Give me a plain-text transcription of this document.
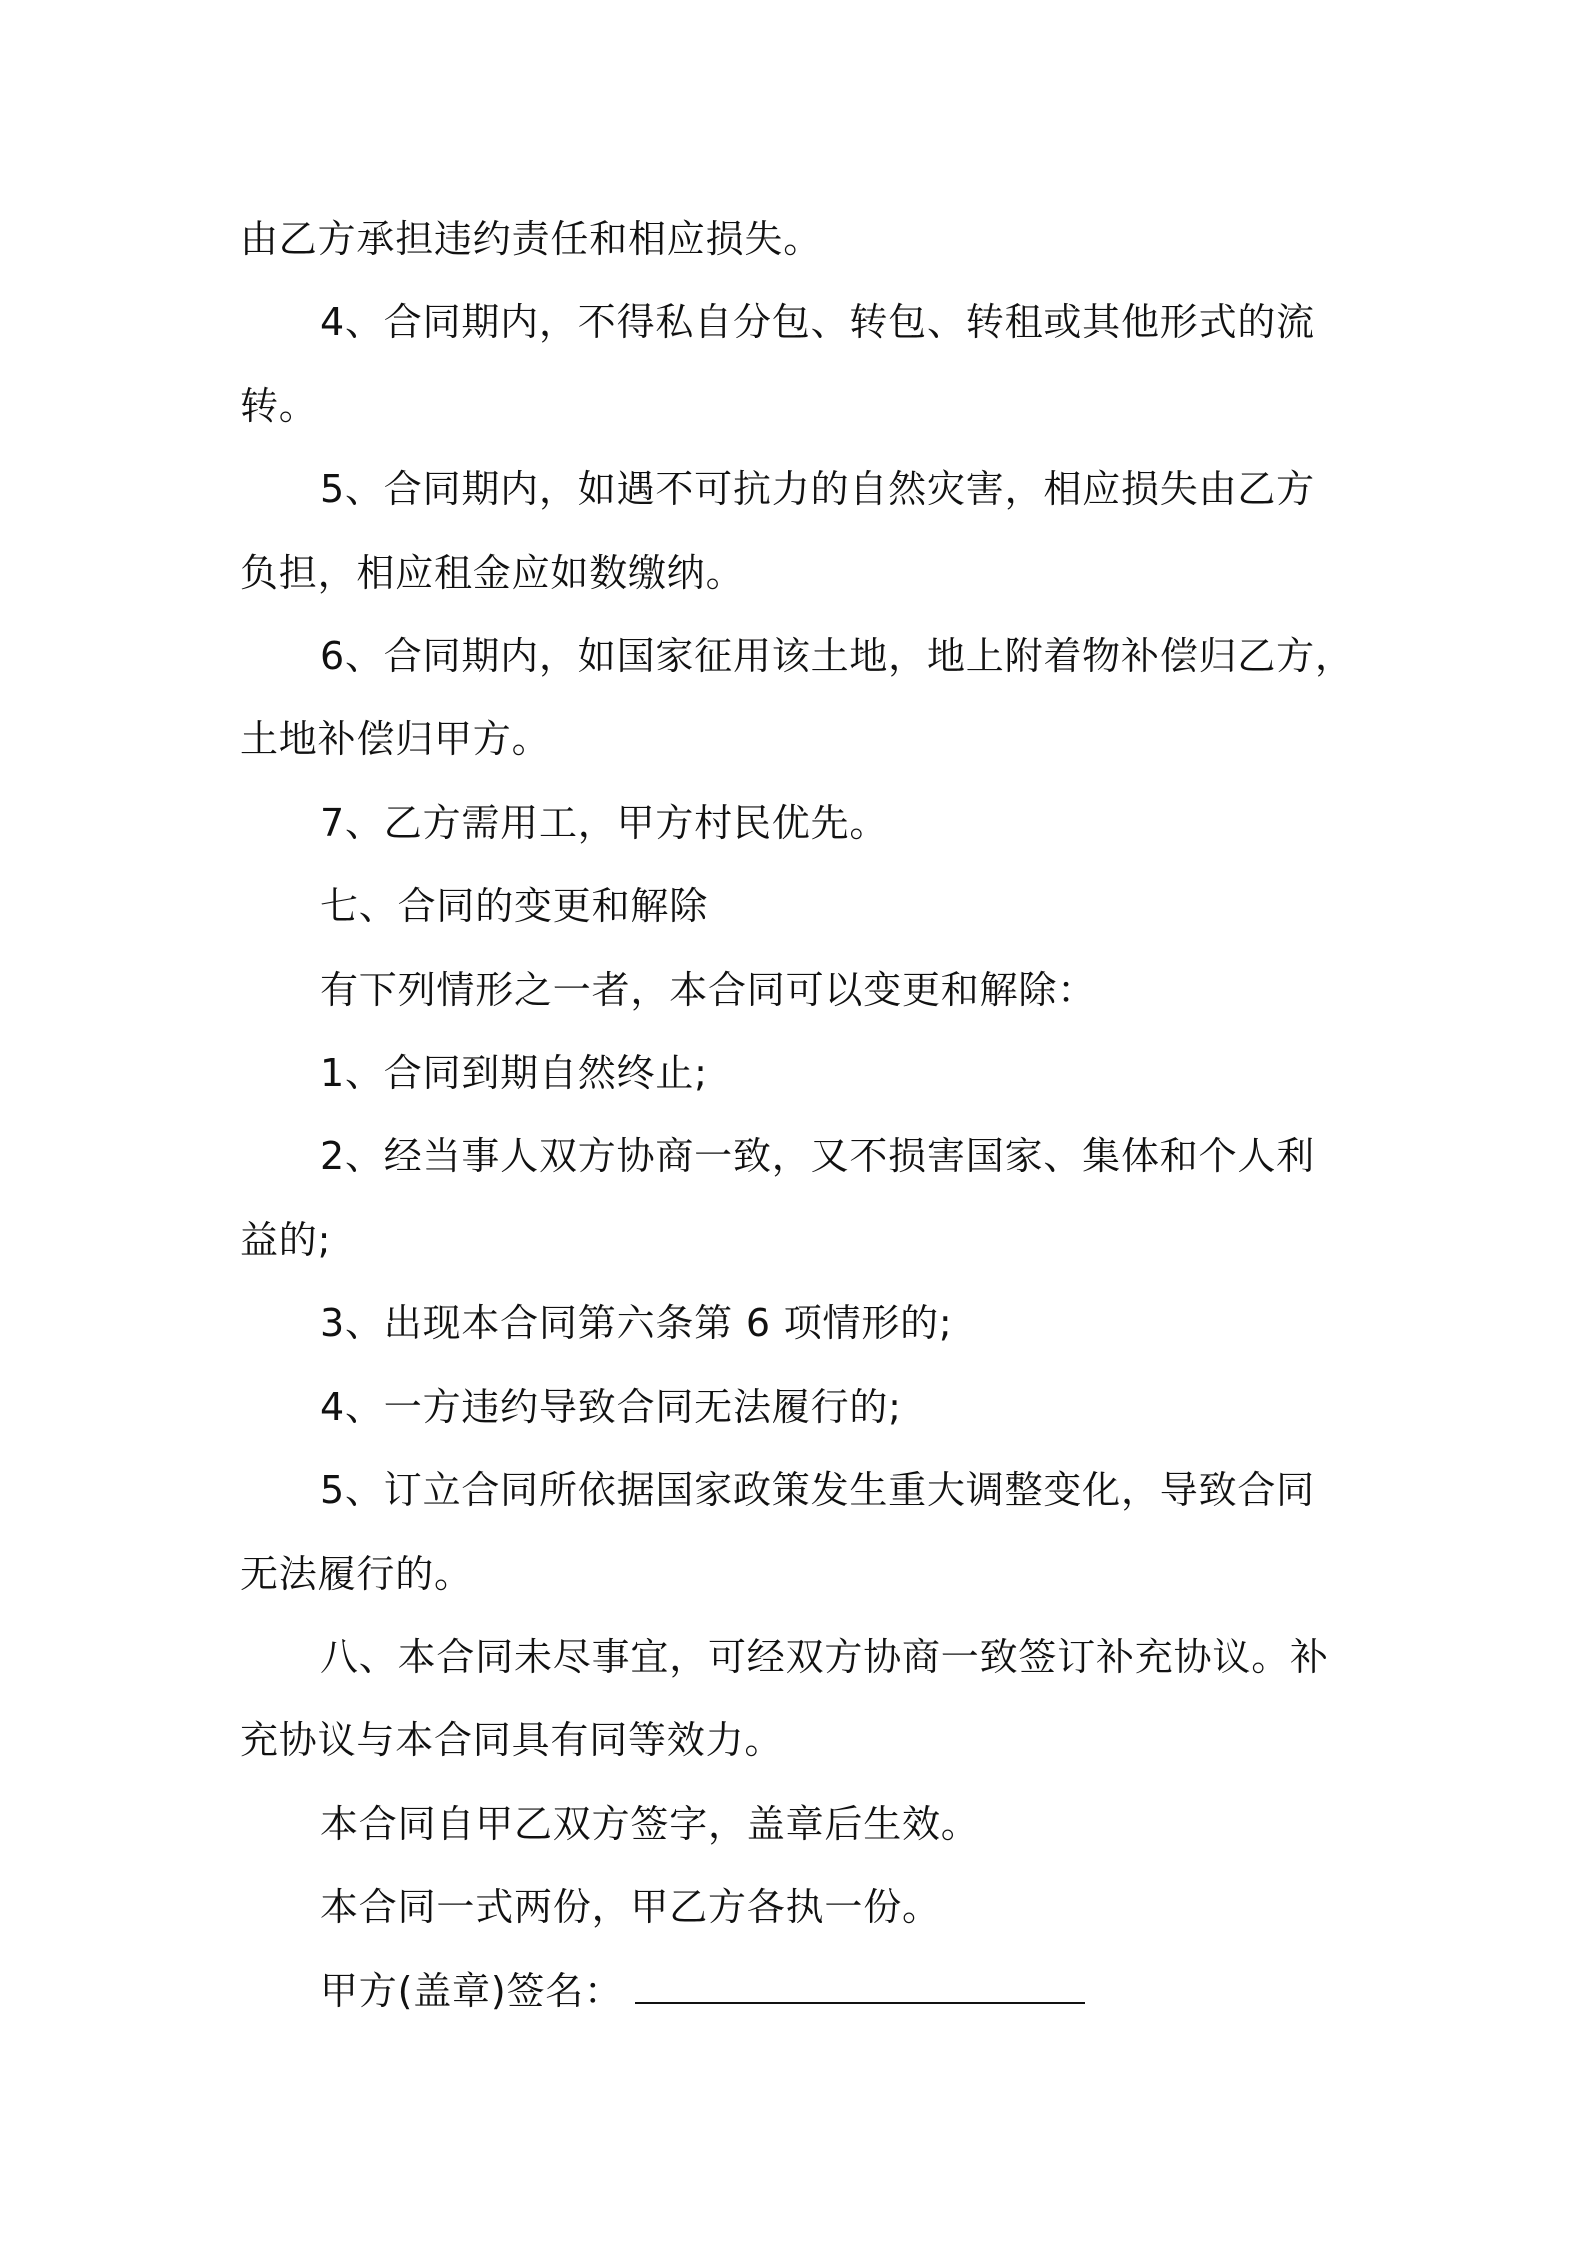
由乙方承担违约责任和相应损失。

4、合同期内，不得私自分包、转包、转租或其他形式的流
转。

5、合同期内，如遇不可抗力的自然灾害，相应损失由乙方
负担，相应租金应如数缴纳。

6、合同期内，如国家征用该土地，地上附着物补偿归乙方，
土地补偿归甲方。

7、乙方需用工，甲方村民优先。

七、合同的变更和解除

有下列情形之一者，本合同可以变更和解除：

1、合同到期自然终止;

2、经当事人双方协商一致，又不损害国家、集体和个人利
益的;

3、出现本合同第六条第 6 项情形的;

4、一方违约导致合同无法履行的;

5、订立合同所依据国家政策发生重大调整变化，导致合同
无法履行的。

八、本合同未尽事宜，可经双方协商一致签订补充协议。补
充协议与本合同具有同等效力。

本合同自甲乙双方签字，盖章后生效。

本合同一式两份，甲乙方各执一份。

甲方(盖章)签名：
